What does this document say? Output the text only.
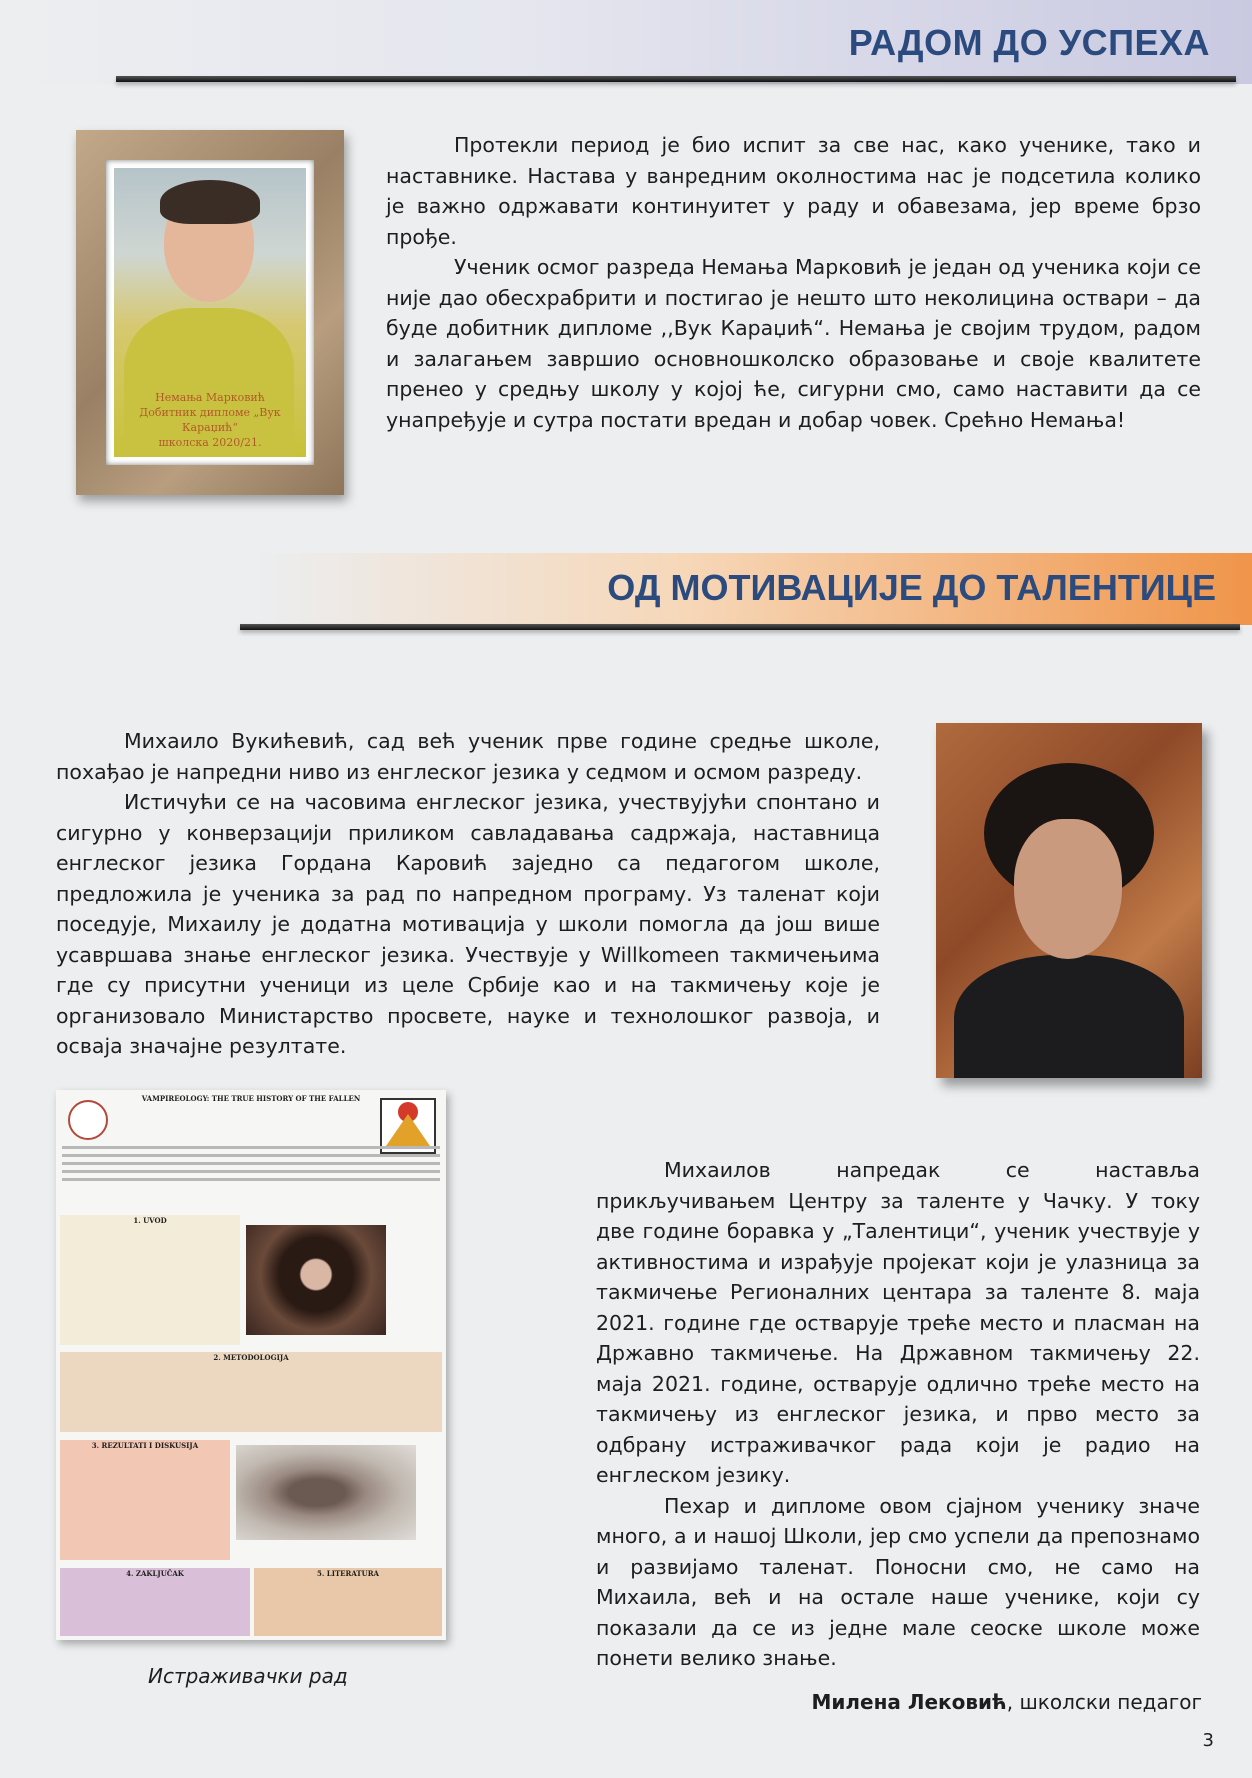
РАДОМ ДО УСПЕХА
Немања Марковић
Добитник дипломе „Вук Караџић“
школска 2020/21.

Протекли период је био испит за све нас, како ученике, тако и наставнике. Настава у ванредним околностима нас је подсетила колико је важно одржавати континуитет у раду и обавезама, јер време брзо прође.

Ученик осмог разреда Немања Марковић је један од ученика који се није дао обесхрабрити и постигао је нешто што неколицина оствари – да буде добитник дипломе ,,Вук Караџић“. Немања је својим трудом, радом и залагањем завршио основношколско образовање и своје квалитете пренео у средњу школу у којој ће, сигурни смо, само наставити да се унапређује и сутра постати вредан и добар човек. Срећно Немања!

ОД МОТИВАЦИЈЕ ДО ТАЛЕНТИЦЕ

Михаило Вукићевић, сад већ ученик прве године средње школе, похађао је напредни ниво из енглеског језика у седмом и осмом разреду.

Истичући се на часовима енглеског језика, учествујући спонтано и сигурно у конверзацији приликом савладавања садржаја, наставница енглеског језика Гордана Каровић заједно са педагогом школе, предложила је ученика за рад по напредном програму. Уз таленат који поседује, Михаилу је додатна мотивација у школи помогла да још више усавршава знање енглеског језика. Учествује у Willkomeen такмичењима где су присутни ученици из целе Србије као и на такмичењу које је организовало Министарство просвете, науке и технолошког развоја, и осваја значајне резултате.

VAMPIREOLOGY: THE TRUE HISTORY OF THE FALLEN
1. UVOD
2. METODOLOGIJA
3. REZULTATI I DISKUSIJA
4. ZAKLJUČAK	5. LITERATURA

Истраживачки рад

Михаилов напредак се наставља прикључивањем Центру за таленте у Чачку. У току две године боравка у „Талентици“, ученик учествује у активностима и израђује пројекат који је улазница за такмичење Регионалних центара за таленте 8. маја 2021. године где остварује треће место и пласман на Државно такмичење. На Државном такмичењу 22. маја 2021. године, остварује одлично треће место на такмичењу из енглеског језика, и прво место за одбрану истраживачког рада који је радио на енглеском језику.

Пехар и дипломе овом сјајном ученику значе много, а и нашој Школи, јер смо успели да препознамо и развијамо таленат. Поносни смо, не само на Михаила, већ и на остале наше ученике, који су показали да се из једне мале сеоске школе може понети велико знање.

Милена Лековић, школски педагог

3
